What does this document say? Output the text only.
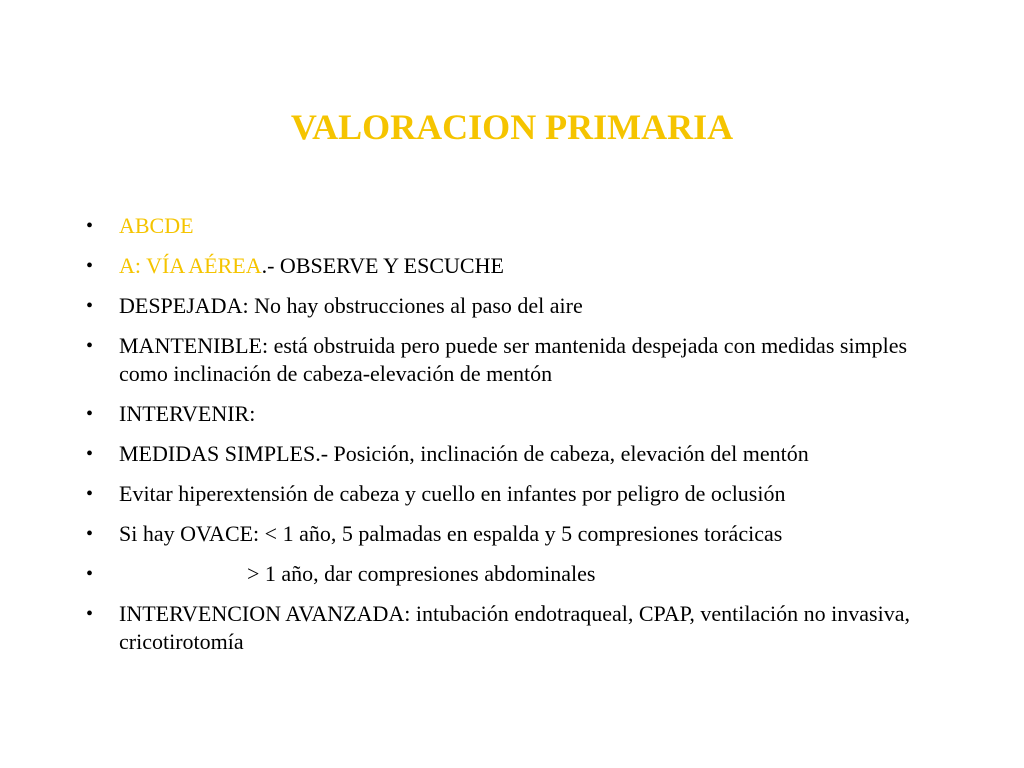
VALORACION PRIMARIA
• ABCDE
• A: VÍA AÉREA.- OBSERVE Y ESCUCHE
• DESPEJADA: No hay obstrucciones al paso del aire
• MANTENIBLE: está obstruida pero puede ser mantenida despejada con medidas simples como inclinación de cabeza-elevación de mentón
• INTERVENIR:
• MEDIDAS SIMPLES.- Posición, inclinación de cabeza, elevación del mentón
• Evitar hiperextensión de cabeza y cuello en infantes por peligro de oclusión
• Si hay OVACE: < 1 año, 5 palmadas en espalda y 5 compresiones torácicas
•	> 1 año, dar compresiones abdominales
• INTERVENCION AVANZADA: intubación endotraqueal, CPAP, ventilación no invasiva, cricotirotomía
